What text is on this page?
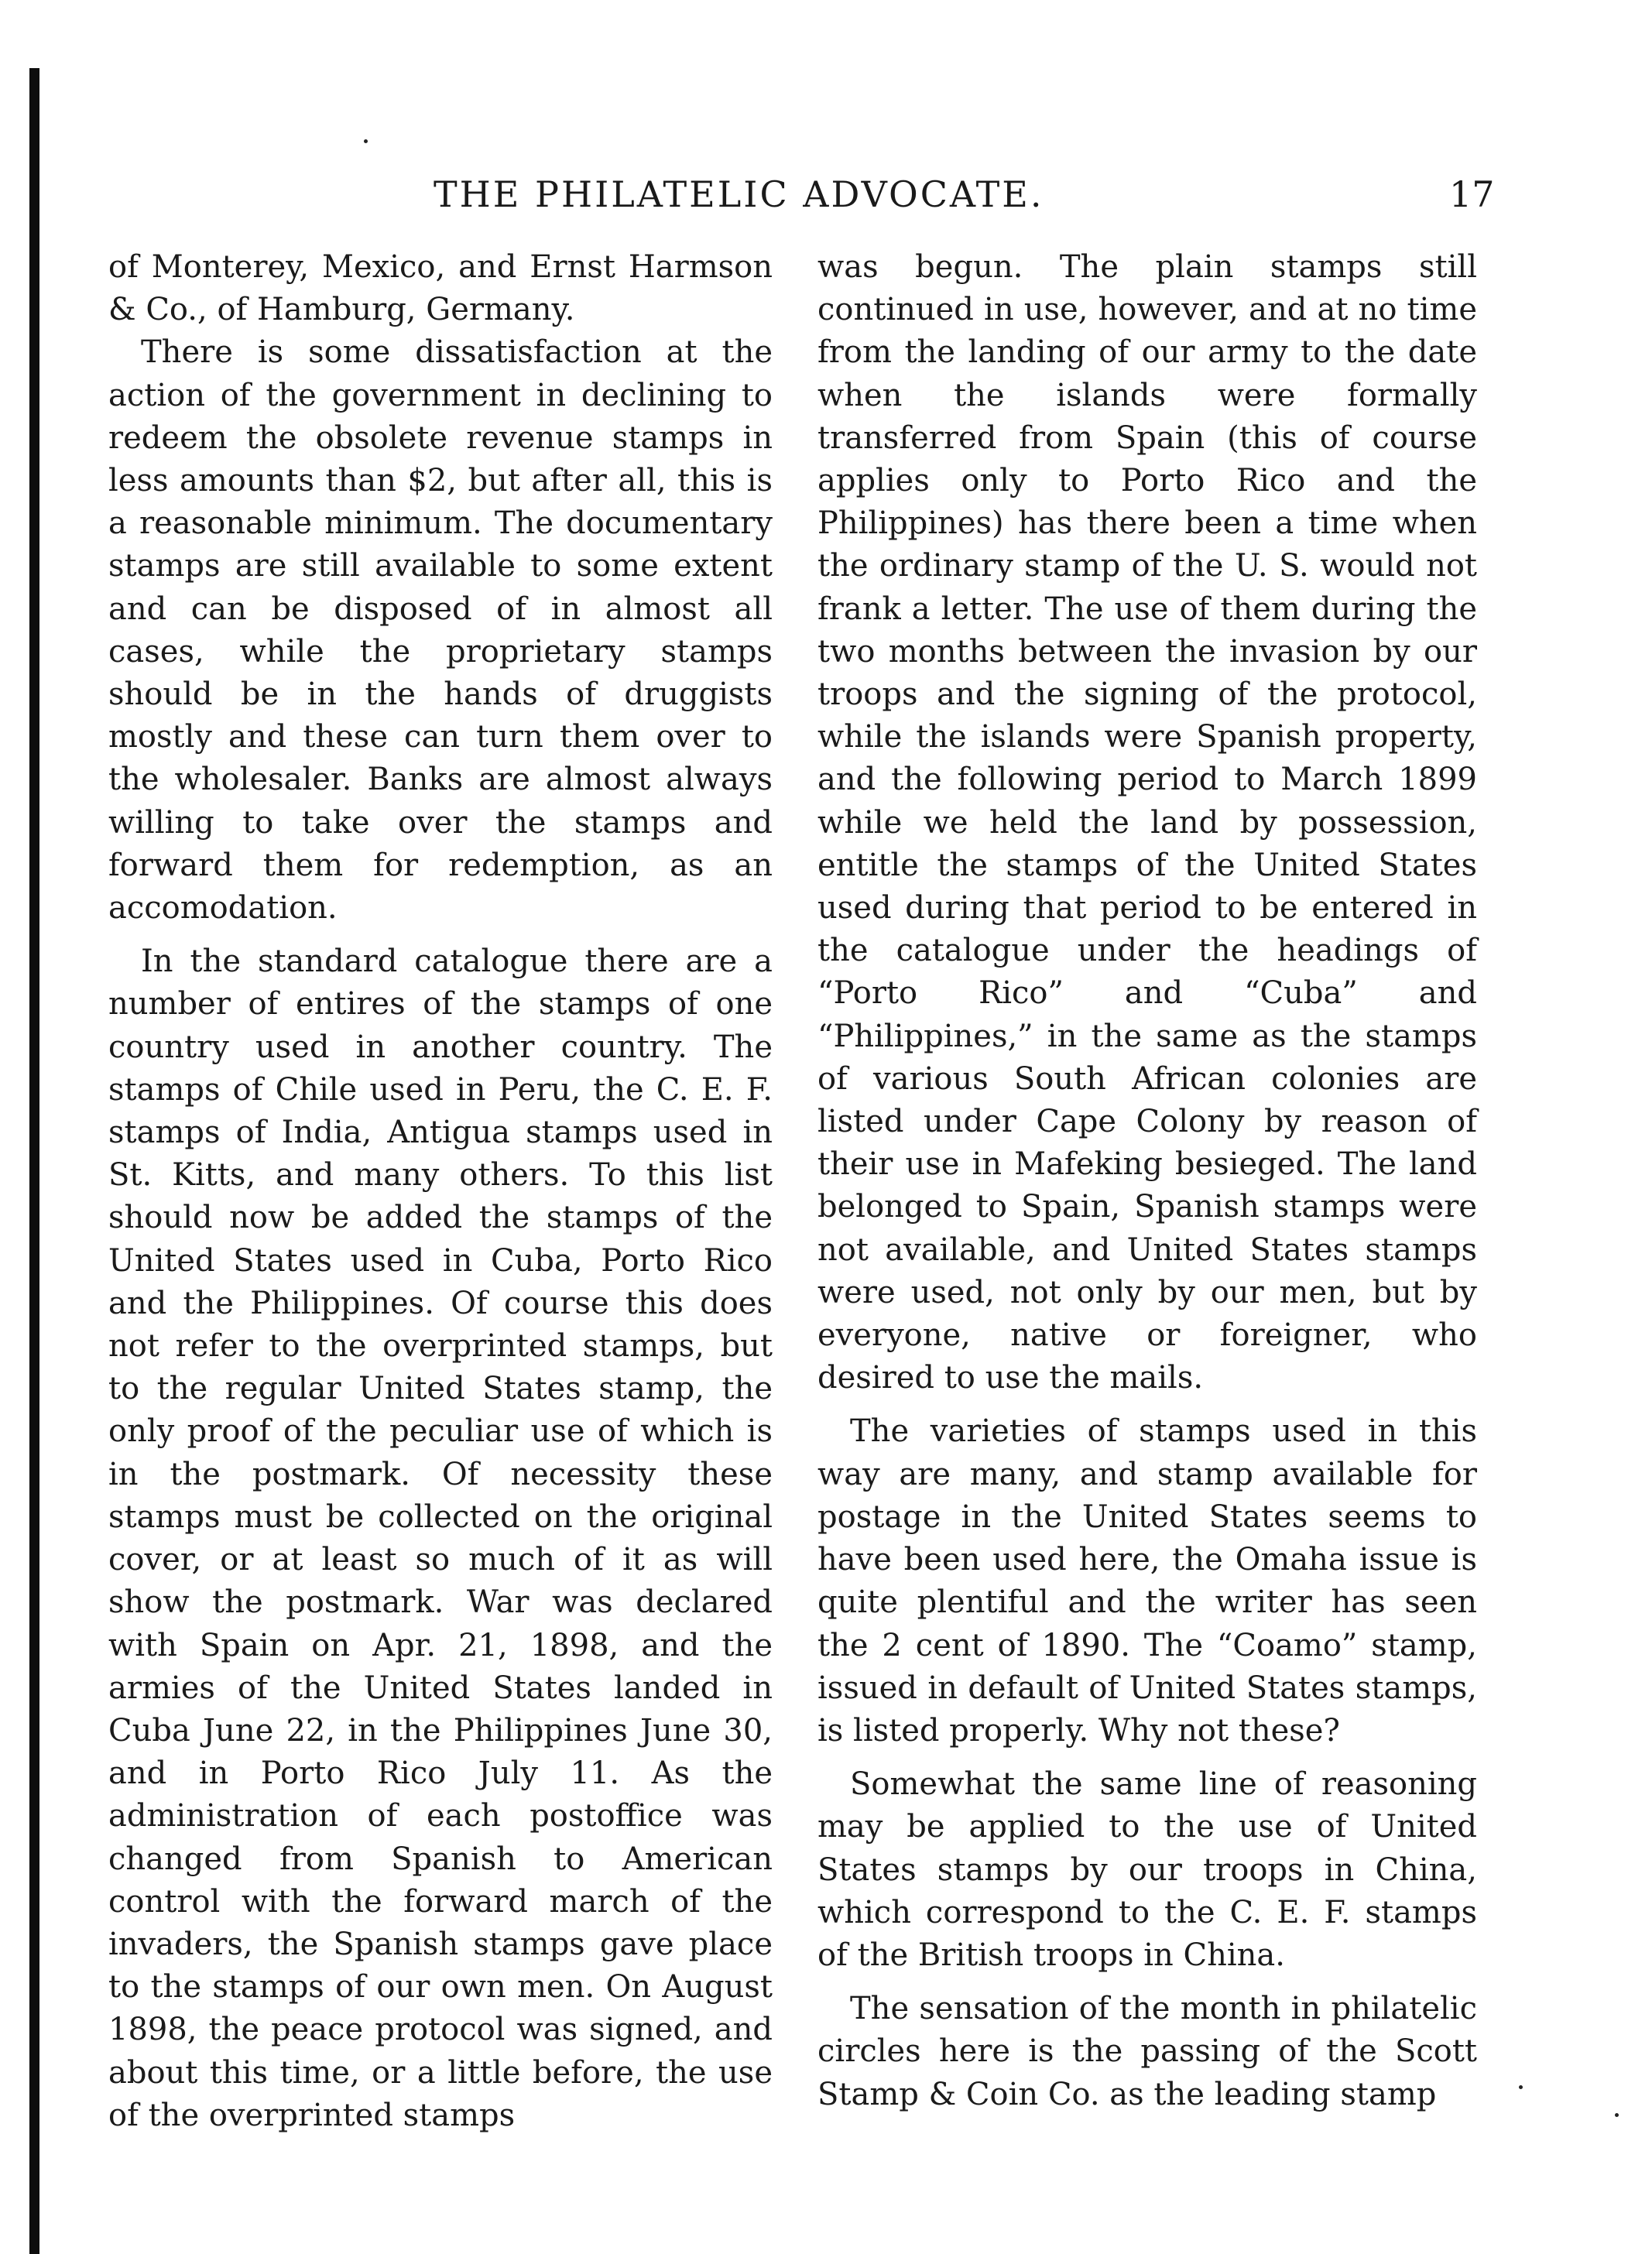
THE PHILATELIC ADVOCATE.	17

of Monterey, Mexico, and Ernst Harmson & Co., of Hamburg, Germany.

There is some dissatisfaction at the action of the government in declining to redeem the obsolete revenue stamps in less amounts than $2, but after all, this is a reasonable minimum. The documentary stamps are still available to some extent and can be disposed of in almost all cases, while the proprietary stamps should be in the hands of druggists mostly and these can turn them over to the wholesaler. Banks are almost always willing to take over the stamps and forward them for redemption, as an accomodation.

In the standard catalogue there are a number of entires of the stamps of one country used in another country. The stamps of Chile used in Peru, the C. E. F. stamps of India, Antigua stamps used in St. Kitts, and many others. To this list should now be added the stamps of the United States used in Cuba, Porto Rico and the Philippines. Of course this does not refer to the overprinted stamps, but to the regular United States stamp, the only proof of the peculiar use of which is in the postmark. Of necessity these stamps must be collected on the original cover, or at least so much of it as will show the postmark. War was declared with Spain on Apr. 21, 1898, and the armies of the United States landed in Cuba June 22, in the Philippines June 30, and in Porto Rico July 11. As the administration of each postoffice was changed from Spanish to American control with the forward march of the invaders, the Spanish stamps gave place to the stamps of our own men. On August 1898, the peace protocol was signed, and about this time, or a little before, the use of the overprinted stamps

was begun. The plain stamps still continued in use, however, and at no time from the landing of our army to the date when the islands were formally transferred from Spain (this of course applies only to Porto Rico and the Philippines) has there been a time when the ordinary stamp of the U. S. would not frank a letter. The use of them during the two months between the invasion by our troops and the signing of the protocol, while the islands were Spanish property, and the following period to March 1899 while we held the land by possession, entitle the stamps of the United States used during that period to be entered in the catalogue under the headings of “Porto Rico” and “Cuba” and “Philippines,” in the same as the stamps of various South African colonies are listed under Cape Colony by reason of their use in Mafeking besieged. The land belonged to Spain, Spanish stamps were not available, and United States stamps were used, not only by our men, but by everyone, native or foreigner, who desired to use the mails.

The varieties of stamps used in this way are many, and stamp available for postage in the United States seems to have been used here, the Omaha issue is quite plentiful and the writer has seen the 2 cent of 1890. The “Coamo” stamp, issued in default of United States stamps, is listed properly. Why not these?

Somewhat the same line of reasoning may be applied to the use of United States stamps by our troops in China, which correspond to the C. E. F. stamps of the British troops in China.

The sensation of the month in philatelic circles here is the passing of the Scott Stamp & Coin Co. as the leading stamp
